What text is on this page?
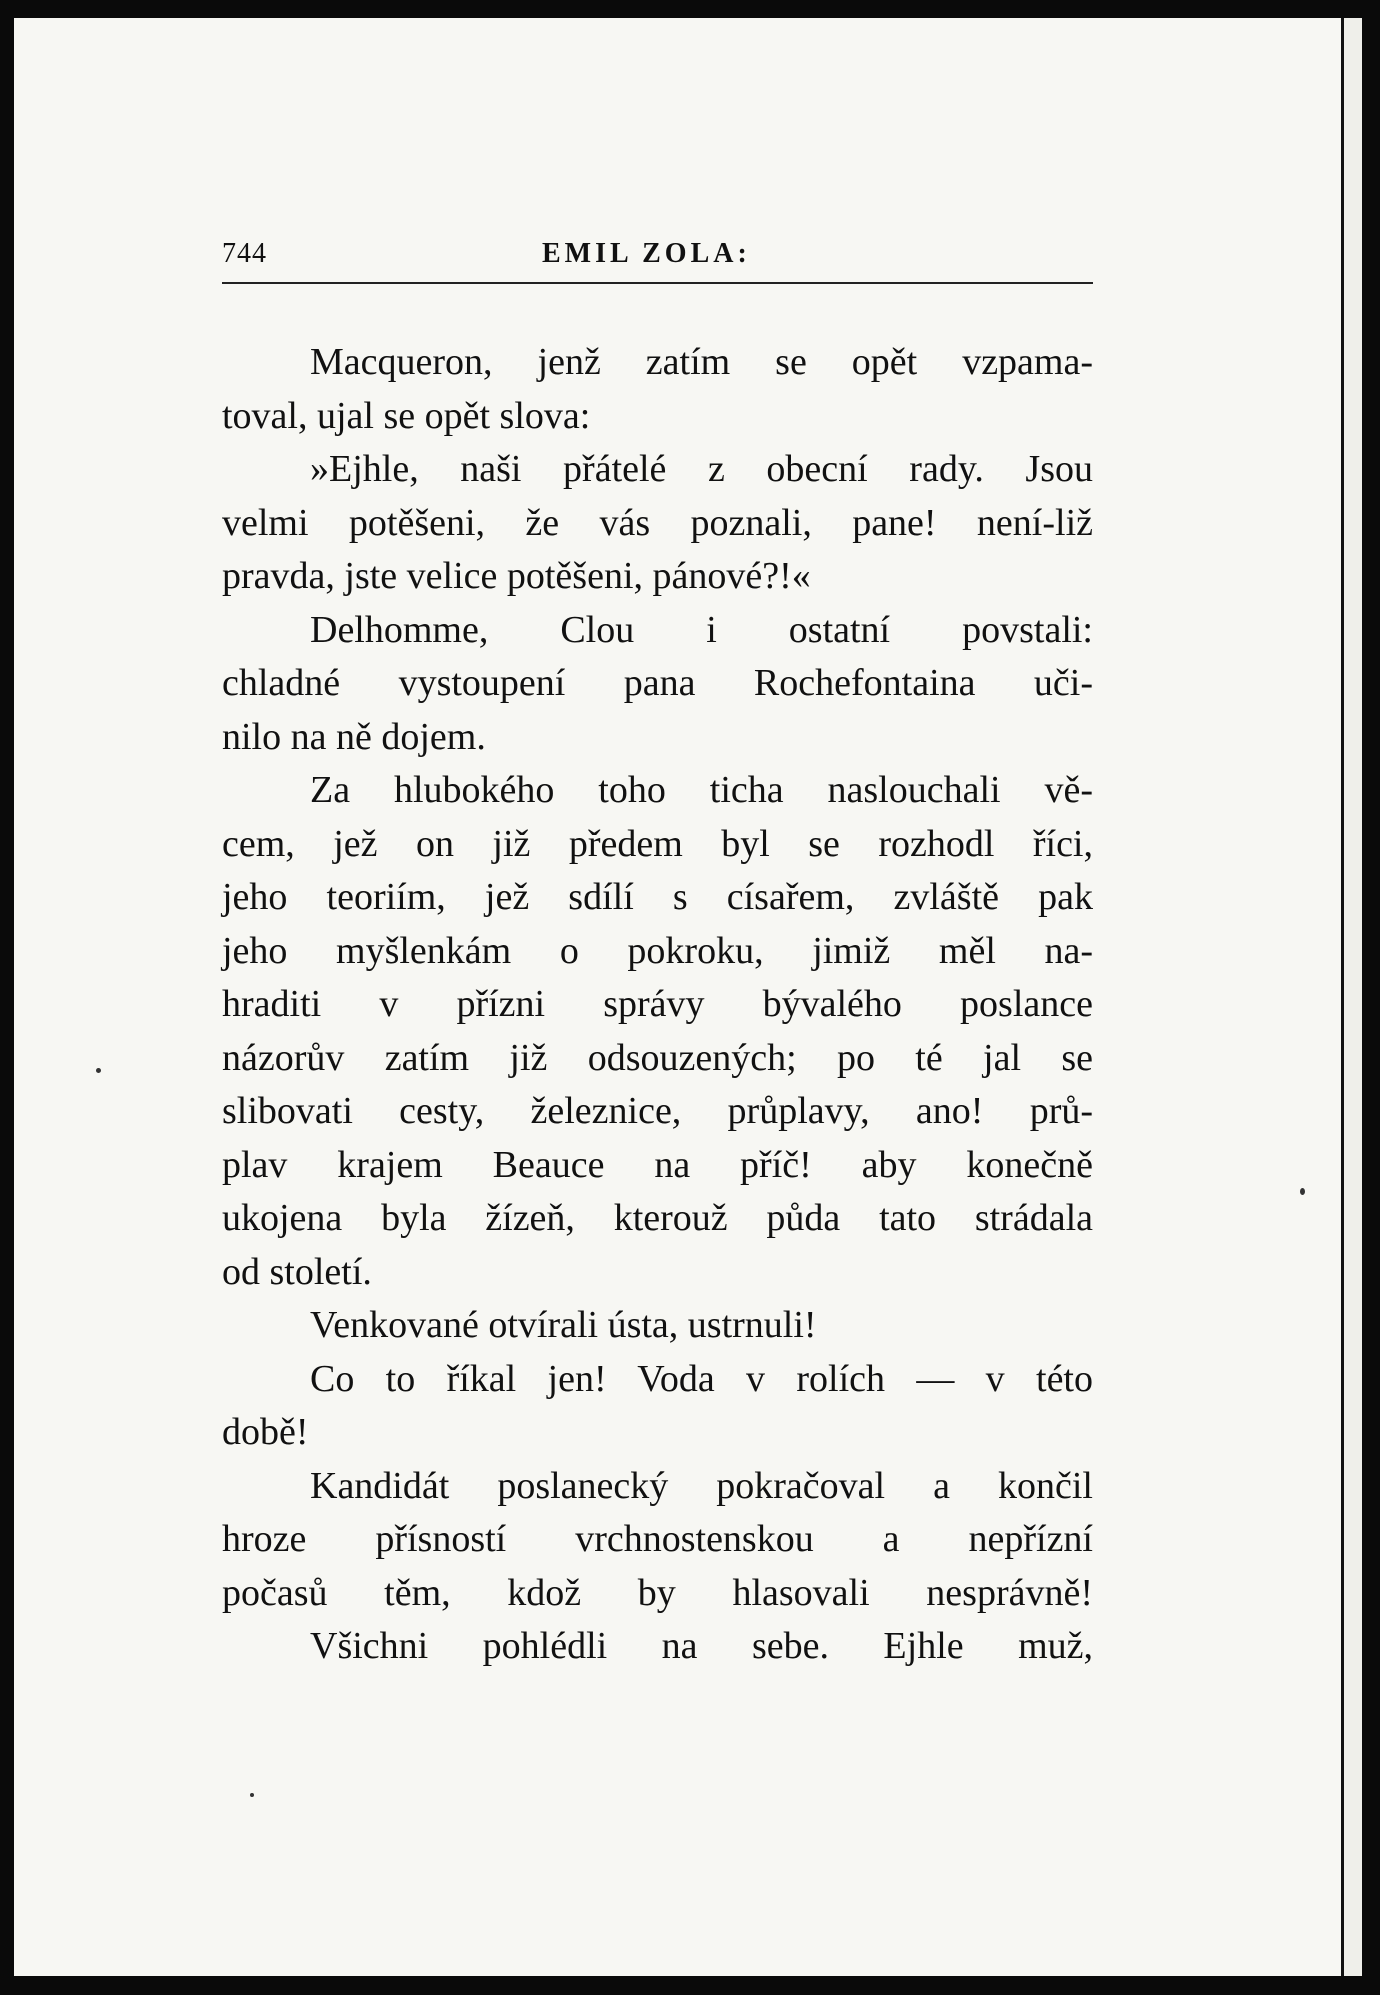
744	EMIL ZOLA:
Macqueron, jenž zatím se opět vzpama-
toval, ujal se opět slova:
»Ejhle, naši přátelé z obecní rady. Jsou
velmi potěšeni, že vás poznali, pane! není-liž
pravda, jste velice potěšeni, pánové?!«
Delhomme, Clou i ostatní povstali:
chladné vystoupení pana Rochefontaina uči-
nilo na ně dojem.
Za hlubokého toho ticha naslouchali vě-
cem, jež on již předem byl se rozhodl říci,
jeho teoriím, jež sdílí s císařem, zvláště pak
jeho myšlenkám o pokroku, jimiž měl na-
hraditi v přízni správy bývalého poslance
názorův zatím již odsouzených; po té jal se
slibovati cesty, železnice, průplavy, ano! prů-
plav krajem Beauce na příč! aby konečně
ukojena byla žízeň, kterouž půda tato strádala
od století.
Venkované otvírali ústa, ustrnuli!
Co to říkal jen! Voda v rolích — v této
době!
Kandidát poslanecký pokračoval a končil
hroze přísností vrchnostenskou a nepřízní
počasů těm, kdož by hlasovali nesprávně!
Všichni pohlédli na sebe. Ejhle muž,
